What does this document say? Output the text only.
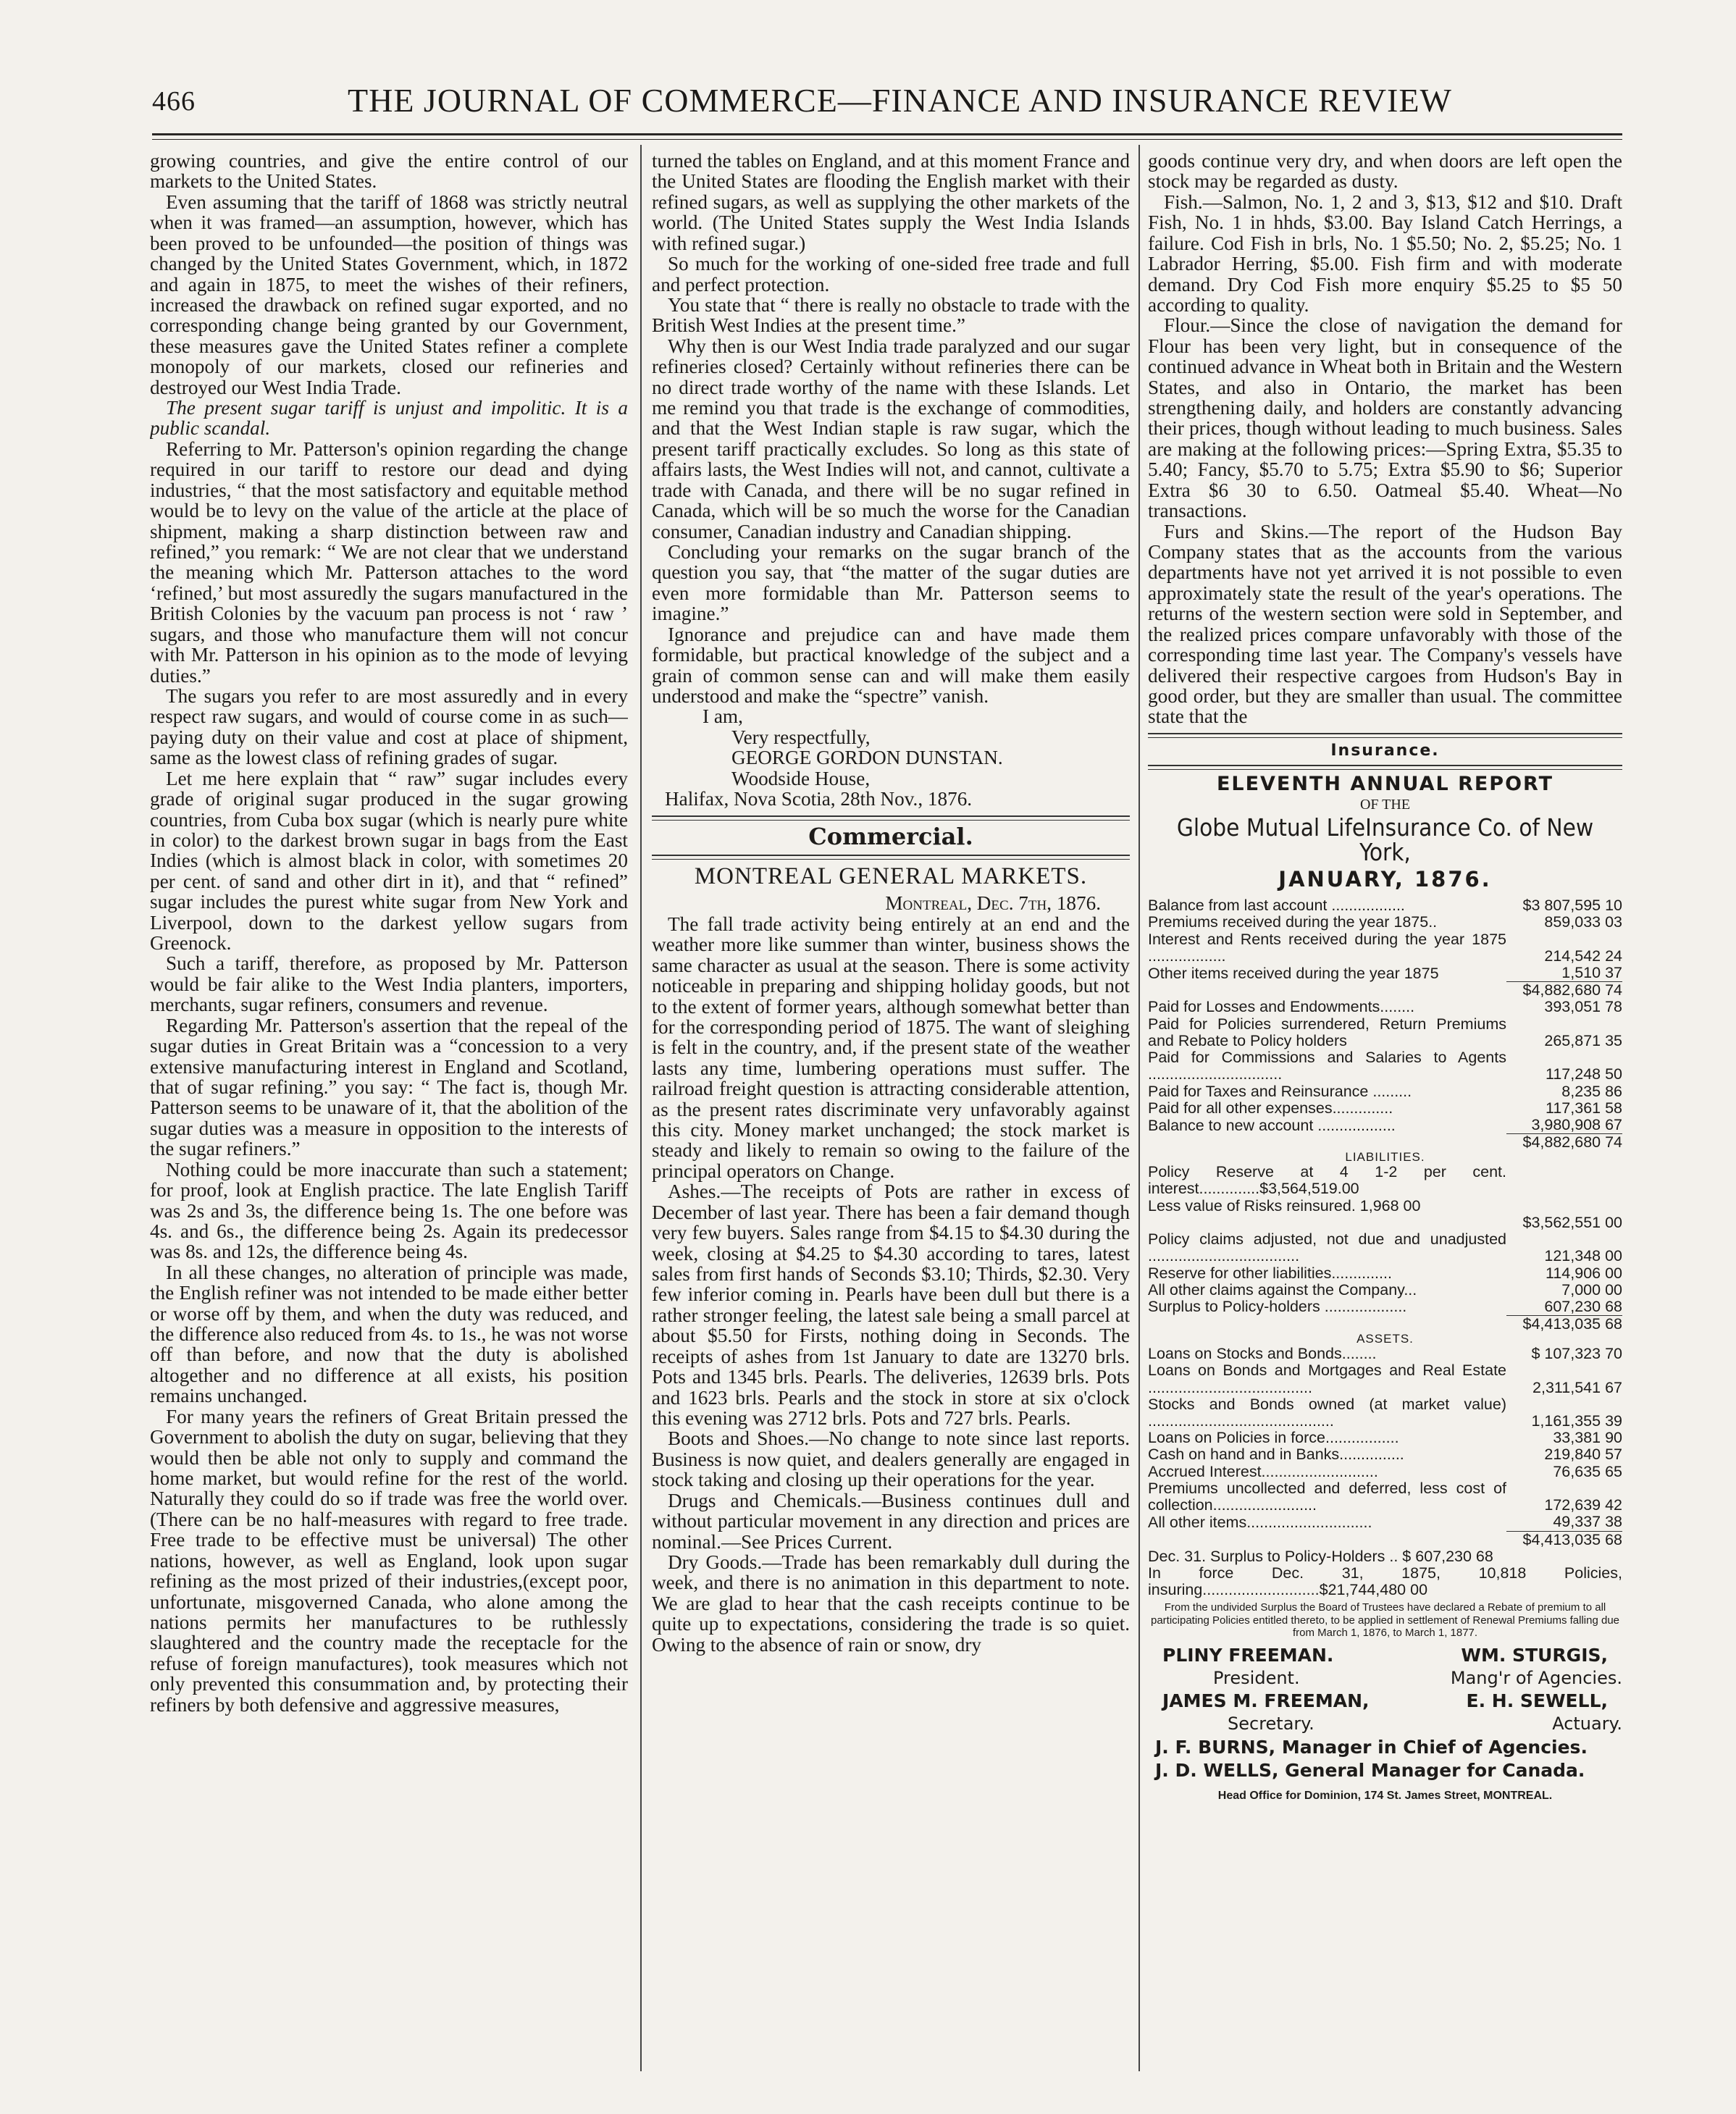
466	THE JOURNAL OF COMMERCE—FINANCE AND INSURANCE REVIEW

growing countries, and give the entire control of our markets to the United States.

Even assuming that the tariff of 1868 was strictly neutral when it was framed—an assumption, however, which has been proved to be unfounded—the position of things was changed by the United States Government, which, in 1872 and again in 1875, to meet the wishes of their refiners, increased the drawback on refined sugar exported, and no corresponding change being granted by our Government, these measures gave the United States refiner a complete monopoly of our markets, closed our refineries and destroyed our West India Trade.

The present sugar tariff is unjust and impolitic. It is a public scandal.

Referring to Mr. Patterson's opinion regarding the change required in our tariff to restore our dead and dying industries, “ that the most satisfactory and equitable method would be to levy on the value of the article at the place of shipment, making a sharp distinction between raw and refined,” you remark: “ We are not clear that we understand the meaning which Mr. Patterson attaches to the word ‘refined,’ but most assuredly the sugars manufactured in the British Colonies by the vacuum pan process is not ‘ raw ’ sugars, and those who manufacture them will not concur with Mr. Patterson in his opinion as to the mode of levying duties.”

The sugars you refer to are most assuredly and in every respect raw sugars, and would of course come in as such—paying duty on their value and cost at place of shipment, same as the lowest class of refining grades of sugar.

Let me here explain that “ raw” sugar includes every grade of original sugar produced in the sugar growing countries, from Cuba box sugar (which is nearly pure white in color) to the darkest brown sugar in bags from the East Indies (which is almost black in color, with sometimes 20 per cent. of sand and other dirt in it), and that “ refined” sugar includes the purest white sugar from New York and Liverpool, down to the darkest yellow sugars from Greenock.

Such a tariff, therefore, as proposed by Mr. Patterson would be fair alike to the West India planters, importers, merchants, sugar refiners, consumers and revenue.

Regarding Mr. Patterson's assertion that the repeal of the sugar duties in Great Britain was a “concession to a very extensive manufacturing interest in England and Scotland, that of sugar refining.” you say: “ The fact is, though Mr. Patterson seems to be unaware of it, that the abolition of the sugar duties was a measure in opposition to the interests of the sugar refiners.”

Nothing could be more inaccurate than such a statement; for proof, look at English practice. The late English Tariff was 2s and 3s, the difference being 1s. The one before was 4s. and 6s., the difference being 2s. Again its predecessor was 8s. and 12s, the difference being 4s.

In all these changes, no alteration of principle was made, the English refiner was not intended to be made either better or worse off by them, and when the duty was reduced, and the difference also reduced from 4s. to 1s., he was not worse off than before, and now that the duty is abolished altogether and no difference at all exists, his position remains unchanged.

For many years the refiners of Great Britain pressed the Government to abolish the duty on sugar, believing that they would then be able not only to supply and command the home market, but would refine for the rest of the world. Naturally they could do so if trade was free the world over. (There can be no half-measures with regard to free trade. Free trade to be effective must be universal) The other nations, however, as well as England, look upon sugar refining as the most prized of their industries,(except poor, unfortunate, misgoverned Canada, who alone among the nations permits her manufactures to be ruthlessly slaughtered and the country made the receptacle for the refuse of foreign manufactures), took measures which not only prevented this consummation and, by protecting their refiners by both defensive and aggressive measures,

turned the tables on England, and at this moment France and the United States are flooding the English market with their refined sugars, as well as supplying the other markets of the world. (The United States supply the West India Islands with refined sugar.)

So much for the working of one-sided free trade and full and perfect protection.

You state that “ there is really no obstacle to trade with the British West Indies at the present time.”

Why then is our West India trade paralyzed and our sugar refineries closed? Certainly without refineries there can be no direct trade worthy of the name with these Islands. Let me remind you that trade is the exchange of commodities, and that the West Indian staple is raw sugar, which the present tariff practically excludes. So long as this state of affairs lasts, the West Indies will not, and cannot, cultivate a trade with Canada, and there will be no sugar refined in Canada, which will be so much the worse for the Canadian consumer, Canadian industry and Canadian shipping.

Concluding your remarks on the sugar branch of the question you say, that “the matter of the sugar duties are even more formidable than Mr. Patterson seems to imagine.”

Ignorance and prejudice can and have made them formidable, but practical knowledge of the subject and a grain of common sense can and will make them easily understood and make the “spectre” vanish.

I am,

Very respectfully,

GEORGE GORDON DUNSTAN.

Woodside House,

Halifax, Nova Scotia, 28th Nov., 1876.

Commercial.
MONTREAL GENERAL MARKETS.

Montreal, Dec. 7th, 1876.

The fall trade activity being entirely at an end and the weather more like summer than winter, business shows the same character as usual at the season. There is some activity noticeable in preparing and shipping holiday goods, but not to the extent of former years, although somewhat better than for the corresponding period of 1875. The want of sleighing is felt in the country, and, if the present state of the weather lasts any time, lumbering operations must suffer. The railroad freight question is attracting considerable attention, as the present rates discriminate very unfavorably against this city. Money market unchanged; the stock market is steady and likely to remain so owing to the failure of the principal operators on Change.

Ashes.—The receipts of Pots are rather in excess of December of last year. There has been a fair demand though very few buyers. Sales range from $4.15 to $4.30 during the week, closing at $4.25 to $4.30 according to tares, latest sales from first hands of Seconds $3.10; Thirds, $2.30. Very few inferior coming in. Pearls have been dull but there is a rather stronger feeling, the latest sale being a small parcel at about $5.50 for Firsts, nothing doing in Seconds. The receipts of ashes from 1st January to date are 13270 brls. Pots and 1345 brls. Pearls. The deliveries, 12639 brls. Pots and 1623 brls. Pearls and the stock in store at six o'clock this evening was 2712 brls. Pots and 727 brls. Pearls.

Boots and Shoes.—No change to note since last reports. Business is now quiet, and dealers generally are engaged in stock taking and closing up their operations for the year.

Drugs and Chemicals.—Business continues dull and without particular movement in any direction and prices are nominal.—See Prices Current.

Dry Goods.—Trade has been remarkably dull during the week, and there is no animation in this department to note. We are glad to hear that the cash receipts continue to be quite up to expectations, considering the trade is so quiet. Owing to the absence of rain or snow, dry

goods continue very dry, and when doors are left open the stock may be regarded as dusty.

Fish.—Salmon, No. 1, 2 and 3, $13, $12 and $10. Draft Fish, No. 1 in hhds, $3.00. Bay Island Catch Herrings, a failure. Cod Fish in brls, No. 1 $5.50; No. 2, $5.25; No. 1 Labrador Herring, $5.00. Fish firm and with moderate demand. Dry Cod Fish more enquiry $5.25 to $5 50 according to quality.

Flour.—Since the close of navigation the demand for Flour has been very light, but in consequence of the continued advance in Wheat both in Britain and the Western States, and also in Ontario, the market has been strengthening daily, and holders are constantly advancing their prices, though without leading to much business. Sales are making at the following prices:—Spring Extra, $5.35 to 5.40; Fancy, $5.70 to 5.75; Extra $5.90 to $6; Superior Extra $6 30 to 6.50. Oatmeal $5.40. Wheat—No transactions.

Furs and Skins.—The report of the Hudson Bay Company states that as the accounts from the various departments have not yet arrived it is not possible to even approximately state the result of the year's operations. The returns of the western section were sold in September, and the realized prices compare unfavorably with those of the corresponding time last year. The Company's vessels have delivered their respective cargoes from Hudson's Bay in good order, but they are smaller than usual. The committee state that the

Insurance.
ELEVENTH ANNUAL REPORT
OF THE
Globe Mutual LifeInsurance Co. of New York,
JANUARY, 1876.
Balance from last account .................	$3 807,595 10
Premiums received during the year 1875..	859,033 03
Interest and Rents received during the year 1875 ..................	214,542 24
Other items received during the year 1875	1,510 37
	$4,882,680 74
Paid for Losses and Endowments........	393,051 78
Paid for Policies surrendered, Return Premiums and Rebate to Policy holders	265,871 35
Paid for Commissions and Salaries to Agents ...............................	117,248 50
Paid for Taxes and Reinsurance .........	8,235 86
Paid for all other expenses..............	117,361 58
Balance to new account ..................	3,980,908 67
	$4,882,680 74
LIABILITIES.
Policy Reserve at 4 1-2 per cent. interest..............$3,564,519.00	
Less value of Risks reinsured. 1,968 00	
	$3,562,551 00
Policy claims adjusted, not due and unadjusted ...................................	121,348 00
Reserve for other liabilities..............	114,906 00
All other claims against the Company...	7,000 00
Surplus to Policy-holders ...................	607,230 68
	$4,413,035 68
ASSETS.
Loans on Stocks and Bonds........	$ 107,323 70
Loans on Bonds and Mortgages and Real Estate ......................................	2,311,541 67
Stocks and Bonds owned (at market value) ...........................................	1,161,355 39
Loans on Policies in force.................	33,381 90
Cash on hand and in Banks...............	219,840 57
Accrued Interest...........................	76,635 65
Premiums uncollected and deferred, less cost of collection........................	172,639 42
All other items.............................	49,337 38
	$4,413,035 68
Dec. 31. Surplus to Policy-Holders .. $ 607,230 68	
In force Dec. 31, 1875, 10,818 Policies, insuring...........................$21,744,480 00	
From the undivided Surplus the Board of Trustees have declared a Rebate of premium to all participating Policies entitled thereto, to be applied in settlement of Renewal Premiums falling due from March 1, 1876, to March 1, 1877.
PLINY FREEMAN.	WM. STURGIS,
President.	Mang'r of Agencies.
JAMES M. FREEMAN,	E. H. SEWELL,
Secretary.	Actuary.
J. F. BURNS, Manager in Chief of Agencies.
J. D. WELLS, General Manager for Canada.
Head Office for Dominion, 174 St. James Street, MONTREAL.
